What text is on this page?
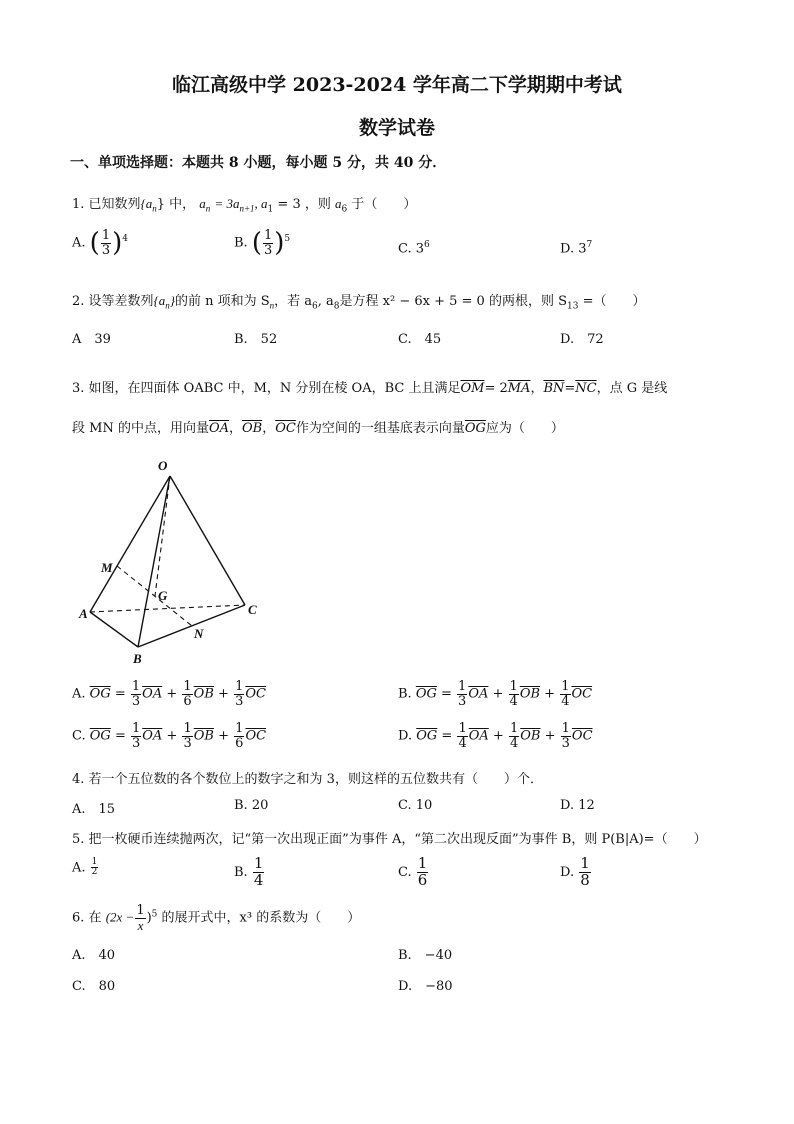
临江高级中学 2023-2024 学年高二下学期期中考试
数学试卷
一、单项选择题：本题共 8 小题，每小题 5 分，共 40 分．
1. 已知数列$\{a_n\}$ 中， $a_n = 3a_{n+1}$, $a_1 = 3$ ，则 $a_6$ 于（　　）
A. ( $\frac{1}{3} )^4$	B. ( $\frac{1}{3} )^5$
C. $3^6$	D. $3^7$
2. 设等差数列$\{a_n\}$的前 n 项和为 $S_n$，若 $a_6$, $a_8$是方程 x² − 6x + 5 = 0 的两根，则 $S_{13}$ =（　　）
A　39	B.　52	C.　45	D.　72
3. 如图，在四面体 OABC 中，M，N 分别在棱 OA，BC 上且满足$\overline{OM}= 2\overline{MA}$，$\overline{BN}=\overline{NC}$，点 G 是线
段 MN 的中点，用向量$\overline{OA}$，$\overline{OB}$，$\overline{OC}$作为空间的一组基底表示向量$\overline{OG}$应为（　　）
O
M
G
A	C
N
B
A. $\overline{OG} = \frac{1}{3} \overline{OA} + \frac{1}{6} \overline{OB} + \frac{1}{3} \overline{OC}$	B. $\overline{OG} = \frac{1}{3} \overline{OA} + \frac{1}{4} \overline{OB} + \frac{1}{4} \overline{OC}$
C. $\overline{OG} = \frac{1}{3} \overline{OA} + \frac{1}{3} \overline{OB} + \frac{1}{6} \overline{OC}$	D. $\overline{OG} = \frac{1}{4} \overline{OA} + \frac{1}{4} \overline{OB} + \frac{1}{3} \overline{OC}$
4. 若一个五位数的各个数位上的数字之和为 3，则这样的五位数共有（　　）个．
A.　15	B. 20	C. 10	D. 12
5. 把一枚硬币连续抛两次，记“第一次出现正面”为事件 A，“第二次出现反面”为事件 B，则 P(B|A)=（　　）
A. $\frac{1}{2}$	B. $\frac{1}{4}$	C. $\frac{1}{6}$	D. $\frac{1}{8}$
6. 在 $(2x - \frac{1}{x} )^5$ 的展开式中，x³ 的系数为（　　）
A.　40	B.　−40
C.　80	D.　−80
